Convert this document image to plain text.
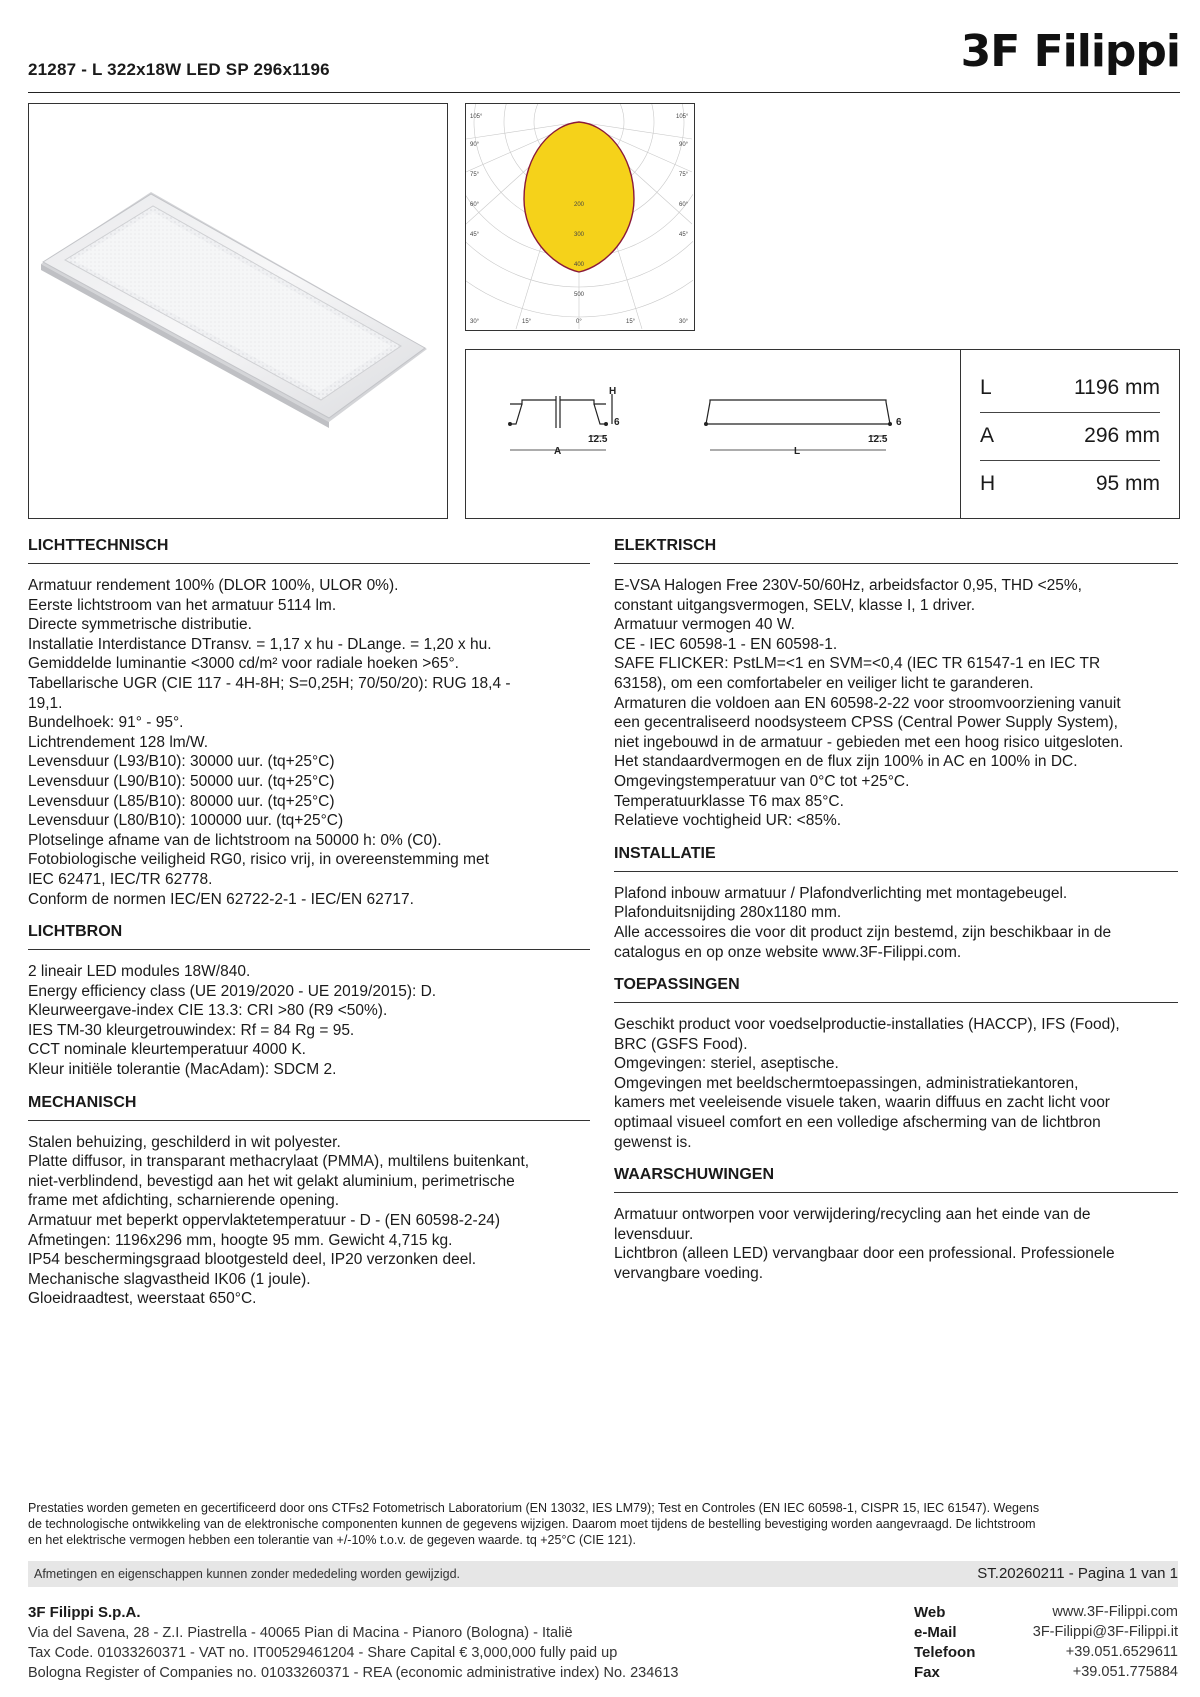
21287 - L 322x18W LED SP 296x1196	3F Filippi
105°
90°
75°
60°
45°
105°
90°
75°
60°
45°
30°	15°	0°	15°	30°
200
300
400
500
H
6
12.5
A
6
12.5
L
L	1196 mm
A	296 mm
H	95 mm
LICHTTECHNISCH
Armatuur rendement 100% (DLOR 100%, ULOR 0%).
Eerste lichtstroom van het armatuur 5114 lm.
Directe symmetrische distributie.
Installatie Interdistance DTransv. = 1,17 x hu - DLange. = 1,20 x hu.
Gemiddelde luminantie <3000 cd/m² voor radiale hoeken >65°.
Tabellarische UGR (CIE 117 - 4H-8H; S=0,25H; 70/50/20): RUG 18,4 -
19,1.
Bundelhoek: 91° - 95°.
Lichtrendement 128 lm/W.
Levensduur (L93/B10): 30000 uur. (tq+25°C)
Levensduur (L90/B10): 50000 uur. (tq+25°C)
Levensduur (L85/B10): 80000 uur. (tq+25°C)
Levensduur (L80/B10): 100000 uur. (tq+25°C)
Plotselinge afname van de lichtstroom na 50000 h: 0% (C0).
Fotobiologische veiligheid RG0, risico vrij, in overeenstemming met
IEC 62471, IEC/TR 62778.
Conform de normen IEC/EN 62722-2-1 - IEC/EN 62717.
LICHTBRON
2 lineair LED modules 18W/840.
Energy efficiency class (UE 2019/2020 - UE 2019/2015): D.
Kleurweergave-index CIE 13.3: CRI >80 (R9 <50%).
IES TM-30 kleurgetrouwindex: Rf = 84 Rg = 95.
CCT nominale kleurtemperatuur 4000 K.
Kleur initiële tolerantie (MacAdam): SDCM 2.
MECHANISCH
Stalen behuizing, geschilderd in wit polyester.
Platte diffusor, in transparant methacrylaat (PMMA), multilens buitenkant,
niet-verblindend, bevestigd aan het wit gelakt aluminium, perimetrische
frame met afdichting, scharnierende opening.
Armatuur met beperkt oppervlaktetemperatuur - D - (EN 60598-2-24)
Afmetingen: 1196x296 mm, hoogte 95 mm. Gewicht 4,715 kg.
IP54 beschermingsgraad blootgesteld deel, IP20 verzonken deel.
Mechanische slagvastheid IK06 (1 joule).
Gloeidraadtest, weerstaat 650°C.
ELEKTRISCH
E-VSA Halogen Free 230V-50/60Hz, arbeidsfactor 0,95, THD <25%,
constant uitgangsvermogen, SELV, klasse I, 1 driver.
Armatuur vermogen 40 W.
CE - IEC 60598-1 - EN 60598-1.
SAFE FLICKER: PstLM=<1 en SVM=<0,4 (IEC TR 61547-1 en IEC TR
63158), om een comfortabeler en veiliger licht te garanderen.
Armaturen die voldoen aan EN 60598-2-22 voor stroomvoorziening vanuit
een gecentraliseerd noodsysteem CPSS (Central Power Supply System),
niet ingebouwd in de armatuur - gebieden met een hoog risico uitgesloten.
Het standaardvermogen en de flux zijn 100% in AC en 100% in DC.
Omgevingstemperatuur van 0°C tot +25°C.
Temperatuurklasse T6 max 85°C.
Relatieve vochtigheid UR: <85%.
INSTALLATIE
Plafond inbouw armatuur / Plafondverlichting met montagebeugel.
Plafonduitsnijding 280x1180 mm.
Alle accessoires die voor dit product zijn bestemd, zijn beschikbaar in de
catalogus en op onze website www.3F-Filippi.com.
TOEPASSINGEN
Geschikt product voor voedselproductie-installaties (HACCP), IFS (Food),
BRC (GSFS Food).
Omgevingen: steriel, aseptische.
Omgevingen met beeldschermtoepassingen, administratiekantoren,
kamers met veeleisende visuele taken, waarin diffuus en zacht licht voor
optimaal visueel comfort en een volledige afscherming van de lichtbron
gewenst is.
WAARSCHUWINGEN
Armatuur ontworpen voor verwijdering/recycling aan het einde van de
levensduur.
Lichtbron (alleen LED) vervangbaar door een professional. Professionele
vervangbare voeding.
Prestaties worden gemeten en gecertificeerd door ons CTFs2 Fotometrisch Laboratorium (EN 13032, IES LM79); Test en Controles (EN IEC 60598-1, CISPR 15, IEC 61547). Wegens
de technologische ontwikkeling van de elektronische componenten kunnen de gegevens wijzigen. Daarom moet tijdens de bestelling bevestiging worden aangevraagd. De lichtstroom
en het elektrische vermogen hebben een tolerantie van +/-10% t.o.v. de gegeven waarde. tq +25°C (CIE 121).
Afmetingen en eigenschappen kunnen zonder mededeling worden gewijzigd.	ST.20260211 - Pagina 1 van 1
3F Filippi S.p.A.
Via del Savena, 28 - Z.I. Piastrella - 40065 Pian di Macina - Pianoro (Bologna) - Italië
Tax Code. 01033260371 - VAT no. IT00529461204 - Share Capital € 3,000,000 fully paid up
Bologna Register of Companies no. 01033260371 - REA (economic administrative index) No. 234613
Web	www.3F-Filippi.com
e-Mail	3F-Filippi@3F-Filippi.it
Telefoon	+39.051.6529611
Fax	+39.051.775884
